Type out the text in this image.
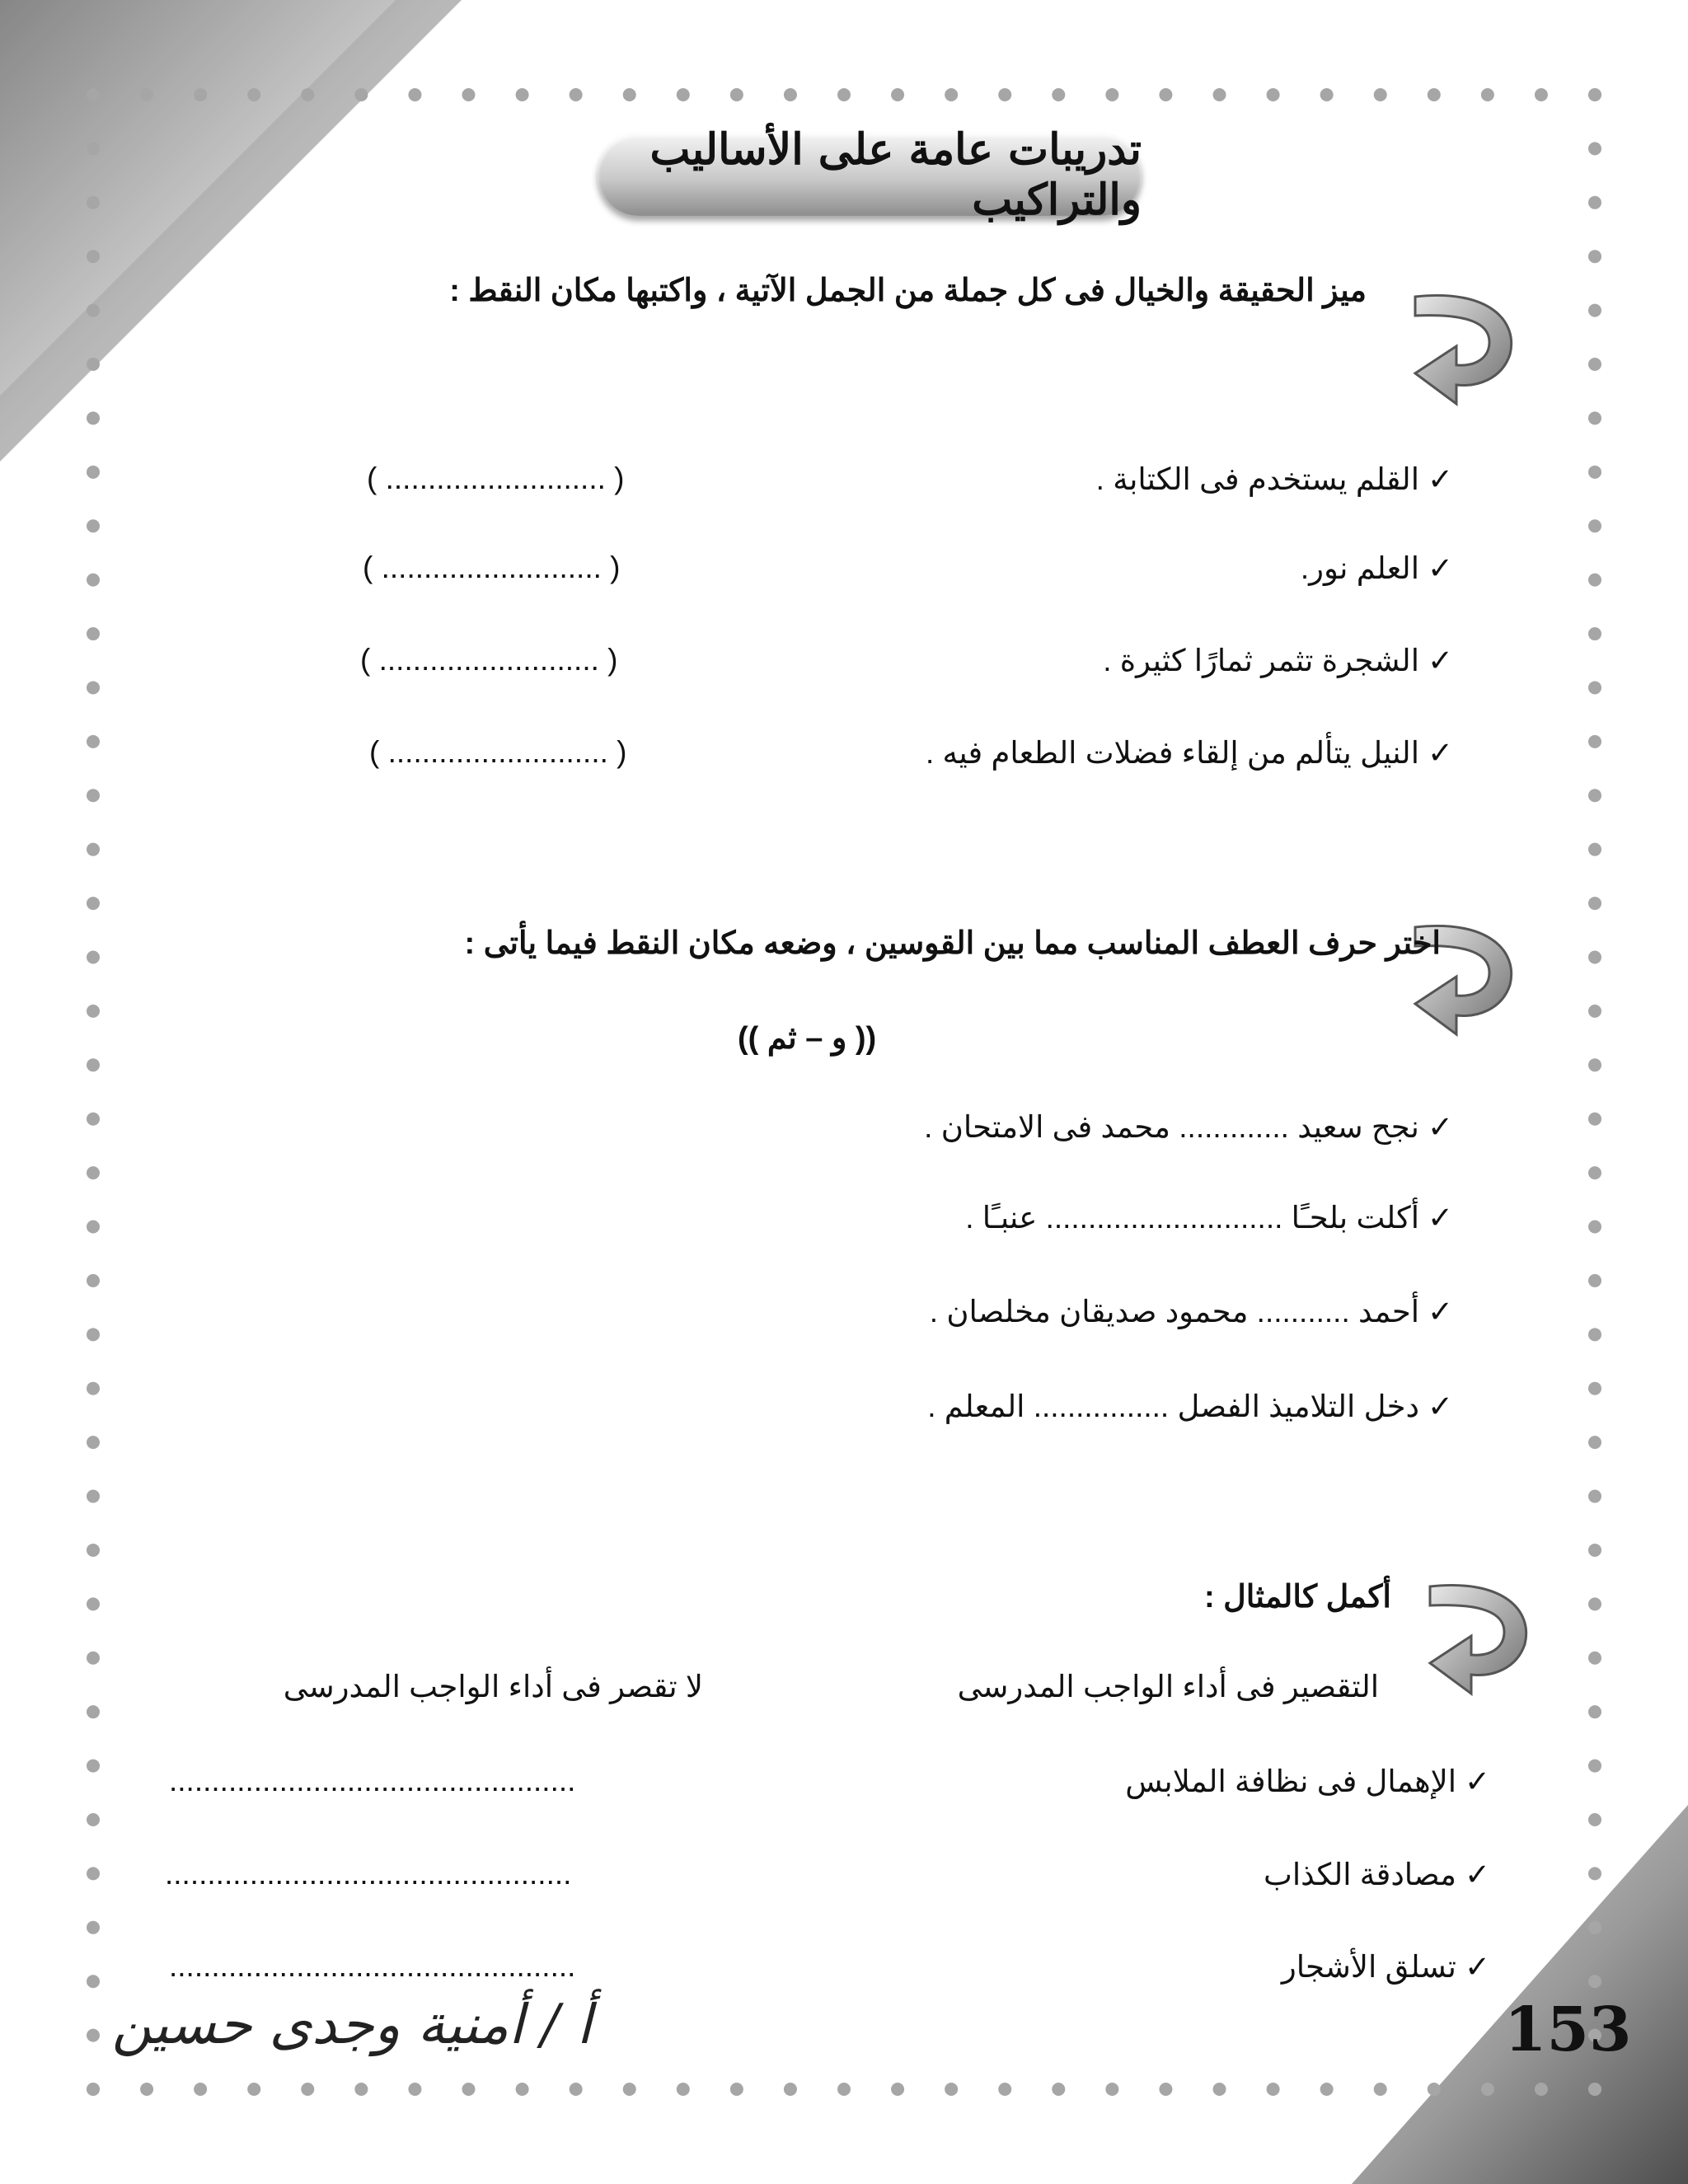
تدريبات عامة على الأساليب والتراكيب
ميز الحقيقة والخيال فى كل جملة من الجمل الآتية ، واكتبها مكان النقط :
✓القلم يستخدم فى الكتابة .
( .......................... )
✓العلم نور.
( .......................... )
✓الشجرة تثمر ثمارًا كثيرة .
( .......................... )
✓النيل يتألم من إلقاء فضلات الطعام فيه .
( .......................... )
اختر حرف العطف المناسب مما بين القوسين ، وضعه مكان النقط فيما يأتى :
(( و – ثم ))
✓نجح سعيد ............. محمد فى الامتحان .
✓أكلت بلحـًا ............................ عنبـًا .
✓أحمد ........... محمود صديقان مخلصان .
✓دخل التلاميذ الفصل ................ المعلم .
أكمل كالمثال :
التقصير فى أداء الواجب المدرسى
لا تقصر فى أداء الواجب المدرسى
✓الإهمال فى نظافة الملابس
................................................
✓مصادقة الكذاب
................................................
✓تسلق الأشجار
................................................
أ / أمنية وجدى حسين	153
